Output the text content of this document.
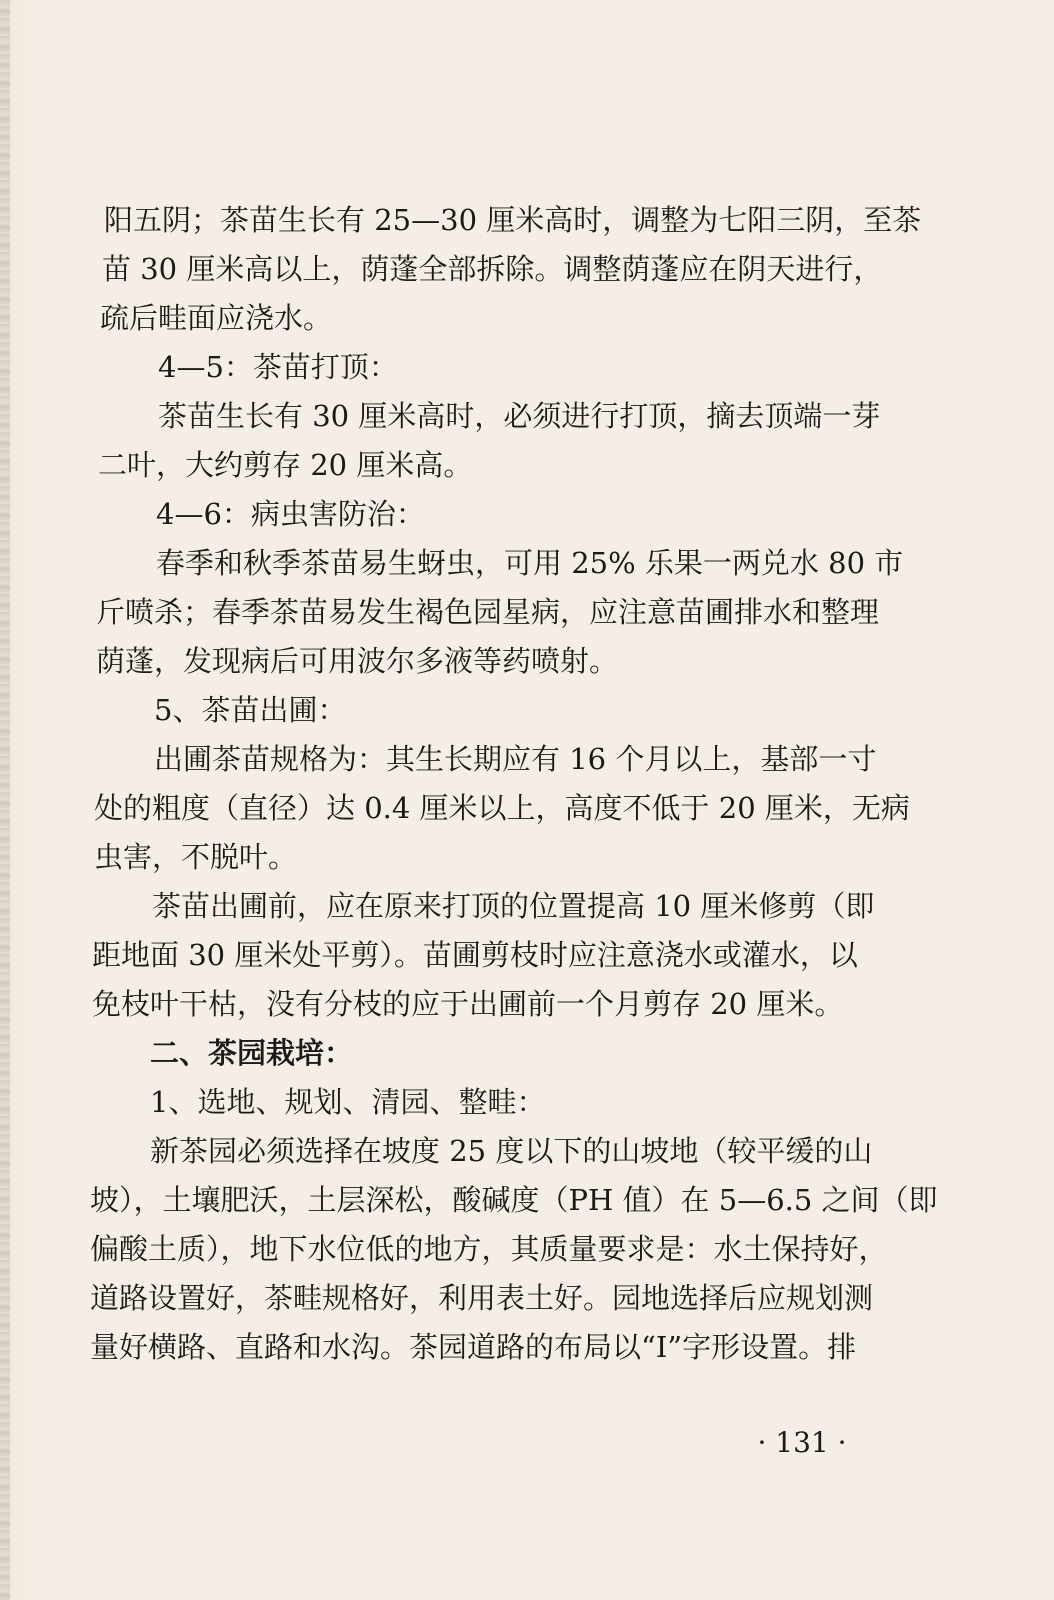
阳五阴；茶苗生长有 25—30 厘米高时，调整为七阳三阴，至茶
苗 30 厘米高以上，荫蓬全部拆除。调整荫蓬应在阴天进行，
疏后畦面应浇水。
4—5：茶苗打顶：
茶苗生长有 30 厘米高时，必须进行打顶，摘去顶端一芽
二叶，大约剪存 20 厘米高。
4—6：病虫害防治：
春季和秋季茶苗易生蚜虫，可用 25% 乐果一两兑水 80 市
斤喷杀；春季茶苗易发生褐色园星病，应注意苗圃排水和整理
荫蓬，发现病后可用波尔多液等药喷射。
5、茶苗出圃：
出圃茶苗规格为：其生长期应有 16 个月以上，基部一寸
处的粗度（直径）达 0.4 厘米以上，高度不低于 20 厘米，无病
虫害，不脱叶。
茶苗出圃前，应在原来打顶的位置提高 10 厘米修剪（即
距地面 30 厘米处平剪）。苗圃剪枝时应注意浇水或灌水，以
免枝叶干枯，没有分枝的应于出圃前一个月剪存 20 厘米。
二、茶园栽培：
1、选地、规划、清园、整畦：
新茶园必须选择在坡度 25 度以下的山坡地（较平缓的山
坡），土壤肥沃，土层深松，酸碱度（PH 值）在 5—6.5 之间（即
偏酸土质），地下水位低的地方，其质量要求是：水土保持好，
道路设置好，茶畦规格好，利用表土好。园地选择后应规划测
量好横路、直路和水沟。茶园道路的布局以“I”字形设置。排
· 131 ·
